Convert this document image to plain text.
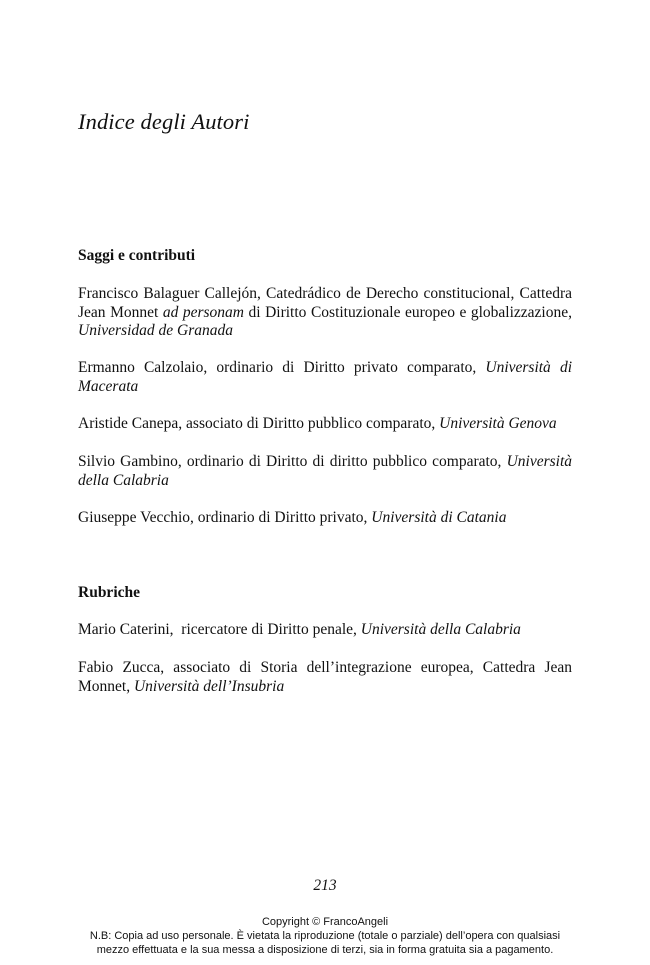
Indice degli Autori
Saggi e contributi

Francisco Balaguer Callejón, Catedrádico de Derecho constitucional, Cattedra Jean Monnet ad personam di Diritto Costituzionale europeo e globalizzazione, Universidad de Granada

Ermanno Calzolaio, ordinario di Diritto privato comparato, Università di Macerata

Aristide Canepa, associato di Diritto pubblico comparato, Università Genova

Silvio Gambino, ordinario di Diritto di diritto pubblico comparato, Università della Calabria

Giuseppe Vecchio, ordinario di Diritto privato, Università di Catania

Rubriche

Mario Caterini,  ricercatore di Diritto penale, Università della Calabria

Fabio Zucca, associato di Storia dell’integrazione europea, Cattedra Jean Monnet, Università dell’Insubria

213

Copyright © FrancoAngeli
N.B: Copia ad uso personale. È vietata la riproduzione (totale o parziale) dell’opera con qualsiasi
mezzo effettuata e la sua messa a disposizione di terzi, sia in forma gratuita sia a pagamento.
